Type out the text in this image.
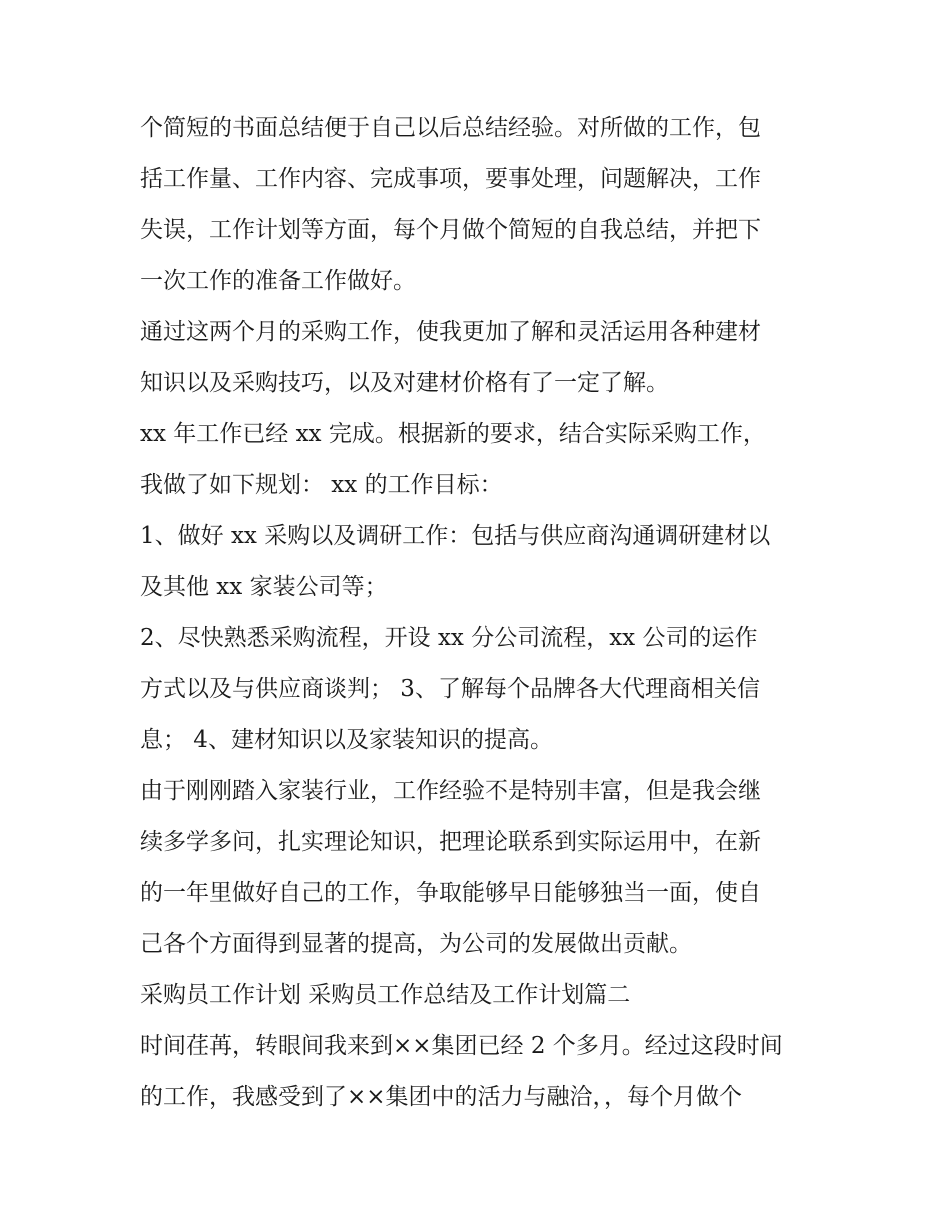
个简短的书面总结便于自己以后总结经验。对所做的工作，包
括工作量、工作内容、完成事项，要事处理，问题解决，工作
失误，工作计划等方面，每个月做个简短的自我总结，并把下
一次工作的准备工作做好。
通过这两个月的采购工作，使我更加了解和灵活运用各种建材
知识以及采购技巧，以及对建材价格有了一定了解。
xx 年工作已经 xx 完成。根据新的要求，结合实际采购工作，
我做了如下规划： xx 的工作目标：
1、做好 xx 采购以及调研工作：包括与供应商沟通调研建材以
及其他 xx 家装公司等；
2、尽快熟悉采购流程，开设 xx 分公司流程，xx 公司的运作
方式以及与供应商谈判； 3、了解每个品牌各大代理商相关信
息； 4、建材知识以及家装知识的提高。
由于刚刚踏入家装行业，工作经验不是特别丰富，但是我会继
续多学多问，扎实理论知识，把理论联系到实际运用中，在新
的一年里做好自己的工作，争取能够早日能够独当一面，使自
己各个方面得到显著的提高，为公司的发展做出贡献。
采购员工作计划 采购员工作总结及工作计划篇二
时间荏苒，转眼间我来到××集团已经 2 个多月。经过这段时间
的工作，我感受到了××集团中的活力与融洽，，每个月做个
